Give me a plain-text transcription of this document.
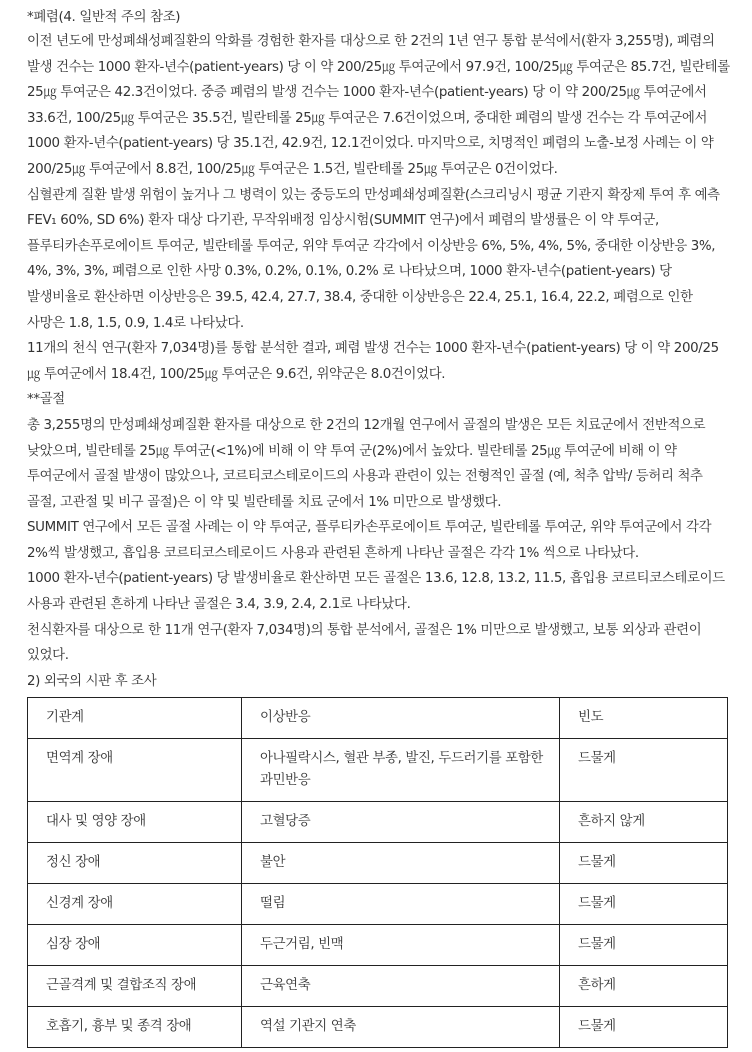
*폐렴(4. 일반적 주의 참조)

이전 년도에 만성폐쇄성폐질환의 악화를 경험한 환자를 대상으로 한 2건의 1년 연구 통합 분석에서(환자 3,255명), 폐렴의 발생 건수는 1000 환자-년수(patient-years) 당 이 약 200/25㎍ 투여군에서 97.9건, 100/25㎍ 투여군은 85.7건, 빌란테롤 25㎍ 투여군은 42.3건이었다. 중증 폐렴의 발생 건수는 1000 환자-년수(patient-years) 당 이 약 200/25㎍ 투여군에서 33.6건, 100/25㎍ 투여군은 35.5건, 빌란테롤 25㎍ 투여군은 7.6건이었으며, 중대한 폐렴의 발생 건수는 각 투여군에서 1000 환자-년수(patient-years) 당 35.1건, 42.9건, 12.1건이었다. 마지막으로, 치명적인 폐렴의 노출-보정 사례는 이 약 200/25㎍ 투여군에서 8.8건, 100/25㎍ 투여군은 1.5건, 빌란테롤 25㎍ 투여군은 0건이었다.

심혈관계 질환 발생 위험이 높거나 그 병력이 있는 중등도의 만성폐쇄성폐질환(스크리닝시 평균 기관지 확장제 투여 후 예측 FEV₁ 60%, SD 6%) 환자 대상 다기관, 무작위배정 임상시험(SUMMIT 연구)에서 폐렴의 발생률은 이 약 투여군, 플루티카손푸로에이트 투여군, 빌란테롤 투여군, 위약 투여군 각각에서 이상반응 6%, 5%, 4%, 5%, 중대한 이상반응 3%, 4%, 3%, 3%, 폐렴으로 인한 사망 0.3%, 0.2%, 0.1%, 0.2% 로 나타났으며, 1000 환자-년수(patient-years) 당 발생비율로 환산하면 이상반응은 39.5, 42.4, 27.7, 38.4, 중대한 이상반응은 22.4, 25.1, 16.4, 22.2, 폐렴으로 인한 사망은 1.8, 1.5, 0.9, 1.4로 나타났다.

11개의 천식 연구(환자 7,034명)를 통합 분석한 결과, 폐렴 발생 건수는 1000 환자-년수(patient-years) 당 이 약 200/25㎍ 투여군에서 18.4건, 100/25㎍ 투여군은 9.6건, 위약군은 8.0건이었다.

**골절

총 3,255명의 만성폐쇄성폐질환 환자를 대상으로 한 2건의 12개월 연구에서 골절의 발생은 모든 치료군에서 전반적으로 낮았으며, 빌란테롤 25㎍ 투여군(<1%)에 비해 이 약 투여 군(2%)에서 높았다. 빌란테롤 25㎍ 투여군에 비해 이 약 투여군에서 골절 발생이 많았으나, 코르티코스테로이드의 사용과 관련이 있는 전형적인 골절 (예, 척추 압박/ 등허리 척추 골절, 고관절 및 비구 골절)은 이 약 및 빌란테롤 치료 군에서 1% 미만으로 발생했다.

SUMMIT 연구에서 모든 골절 사례는 이 약 투여군, 플루티카손푸로에이트 투여군, 빌란테롤 투여군, 위약 투여군에서 각각 2%씩 발생했고, 흡입용 코르티코스테로이드 사용과 관련된 흔하게 나타난 골절은 각각 1% 씩으로 나타났다.

1000 환자-년수(patient-years) 당 발생비율로 환산하면 모든 골절은 13.6, 12.8, 13.2, 11.5, 흡입용 코르티코스테로이드 사용과 관련된 흔하게 나타난 골절은 3.4, 3.9, 2.4, 2.1로 나타났다.

천식환자를 대상으로 한 11개 연구(환자 7,034명)의 통합 분석에서, 골절은 1% 미만으로 발생했고, 보통 외상과 관련이 있었다.

2) 외국의 시판 후 조사

기관계	이상반응	빈도
면역계 장애	아나필락시스, 혈관 부종, 발진, 두드러기를 포함한 과민반응	드물게
대사 및 영양 장애	고혈당증	흔하지 않게
정신 장애	불안	드물게
신경계 장애	떨림	드물게
심장 장애	두근거림, 빈맥	드물게
근골격계 및 결합조직 장애	근육연축	흔하게
호흡기, 흉부 및 종격 장애	역설 기관지 연축	드물게
